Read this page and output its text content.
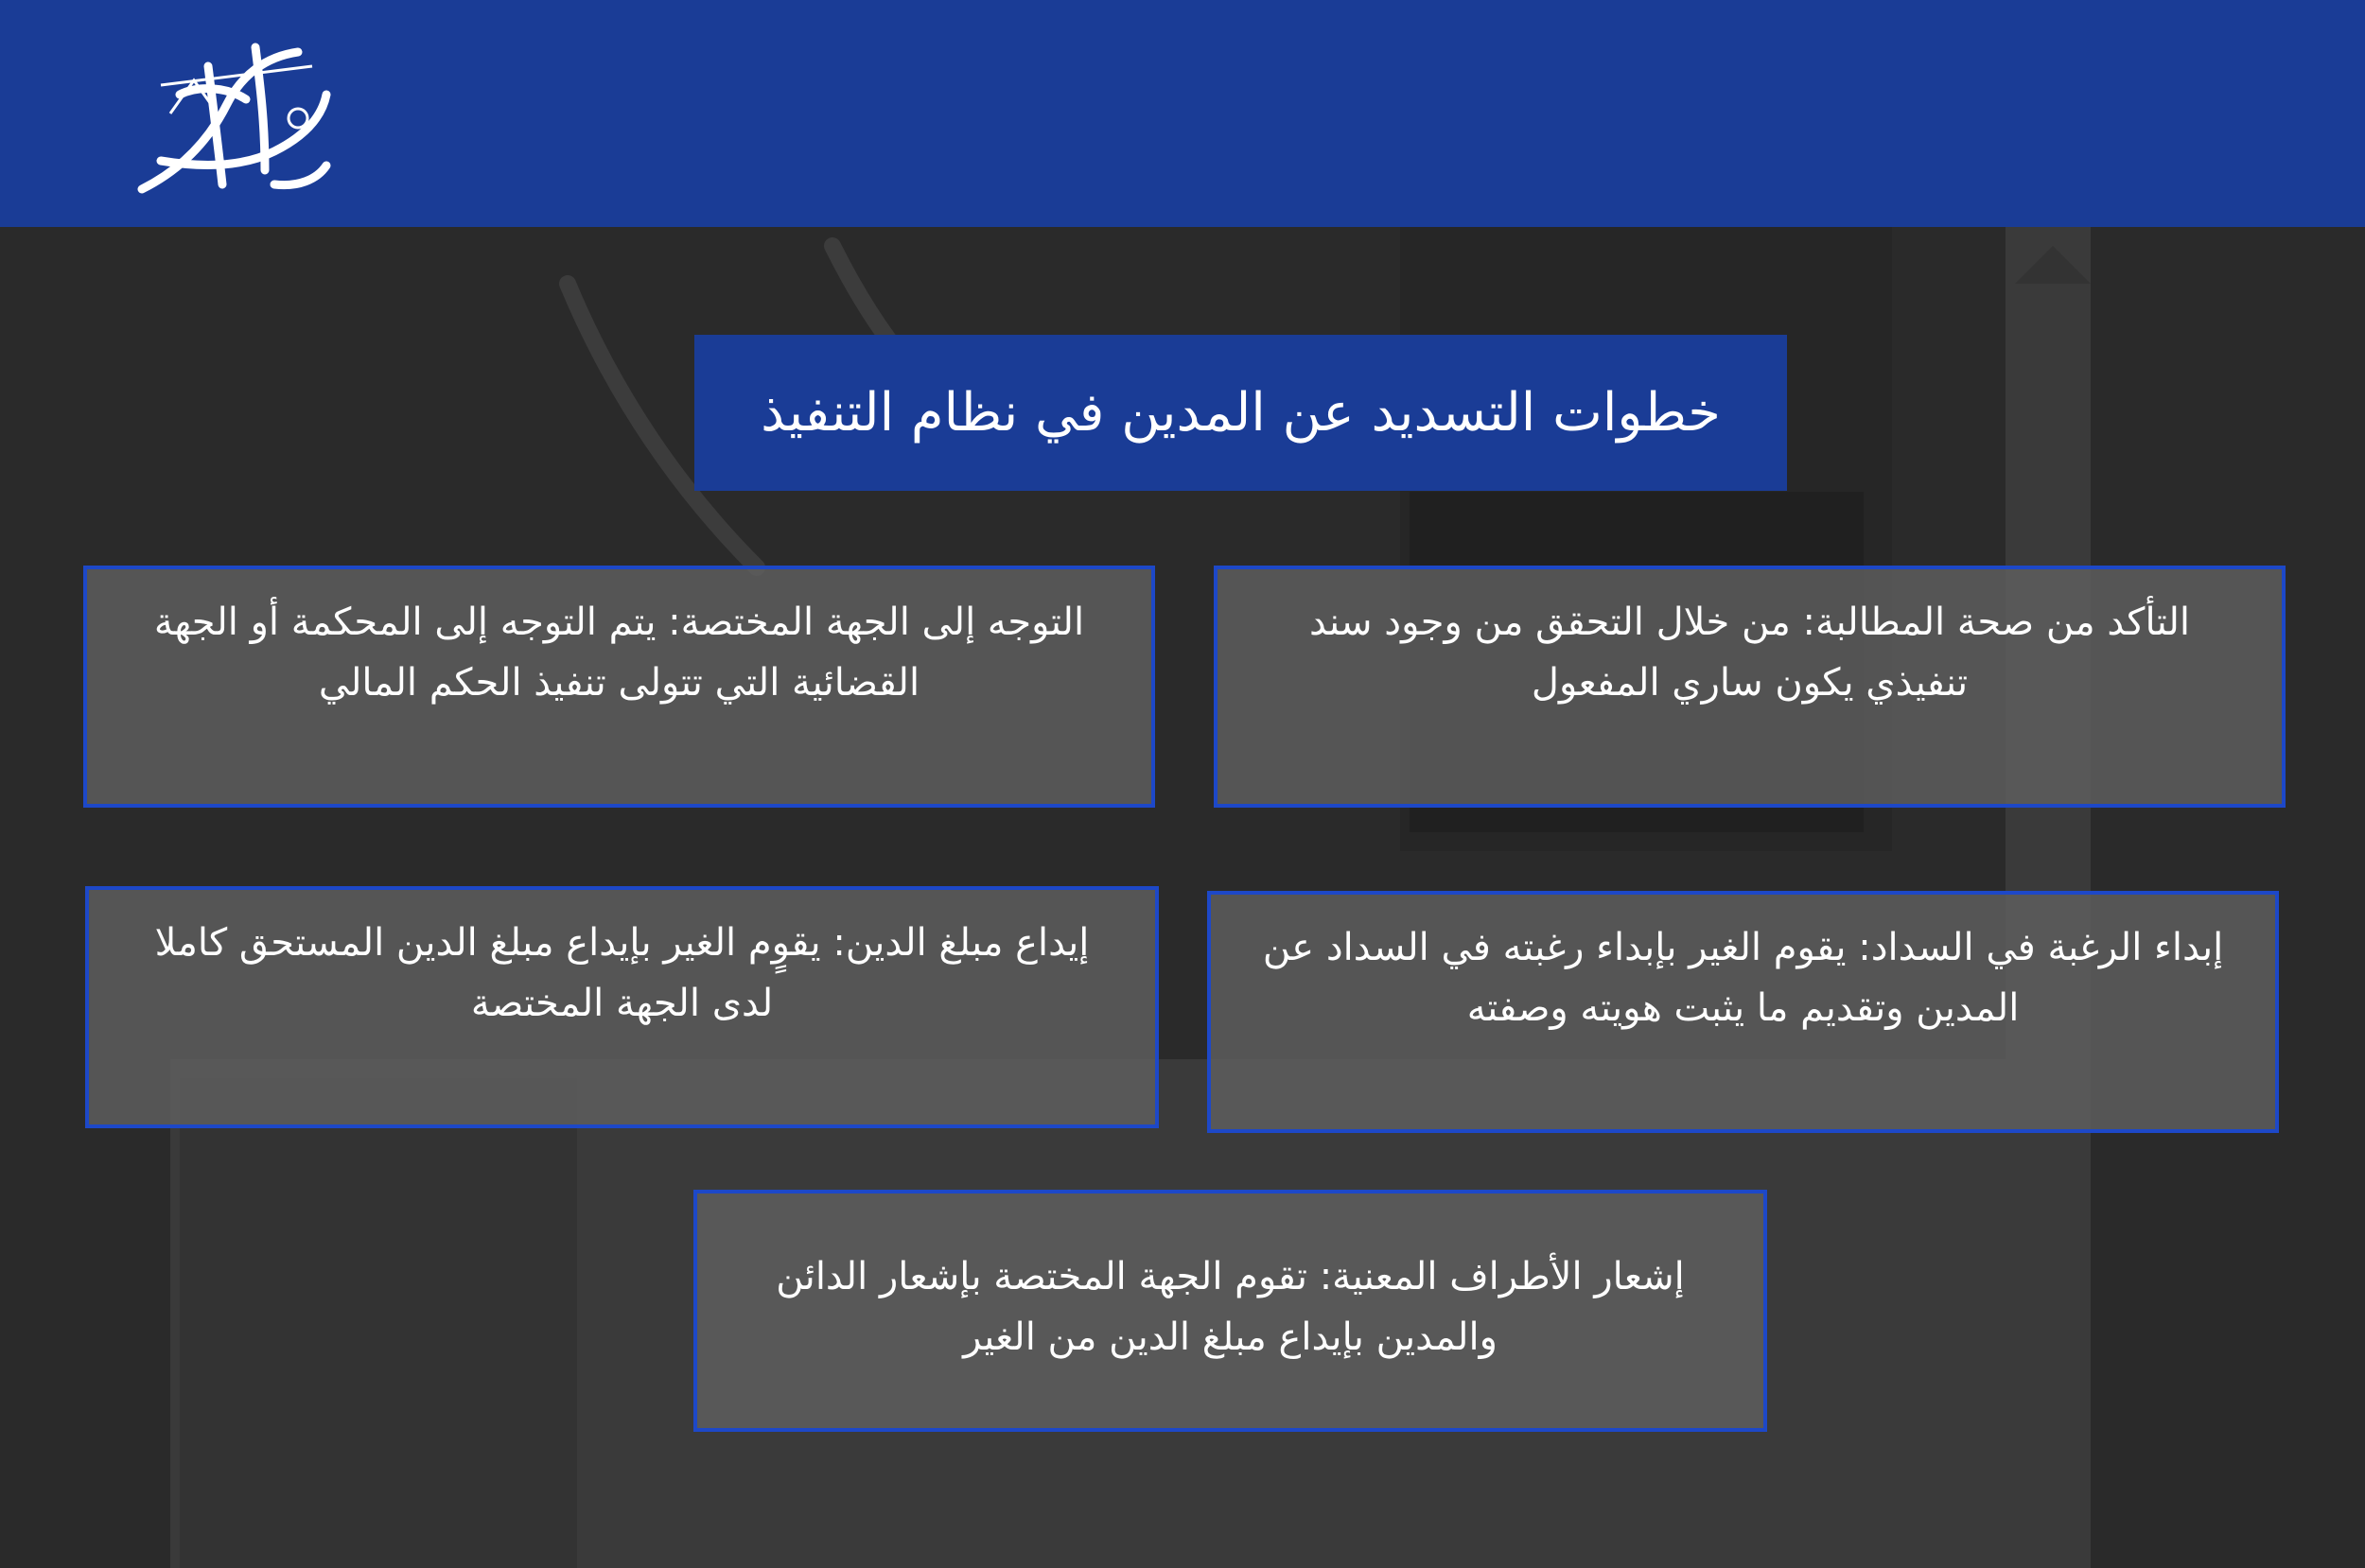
خطوات التسديد عن المدين في نظام التنفيذ
التأكد من صحة المطالبة: من خلال التحقق من وجود سند تنفيذي يكون ساري المفعول
التوجه إلى الجهة المختصة: يتم التوجه إلى المحكمة أو الجهة القضائية التي تتولى تنفيذ الحكم المالي
إبداء الرغبة في السداد: يقوم الغير بإبداء رغبته في السداد عن المدين وتقديم ما يثبت هويته وصفته
إيداع مبلغ الدين: يقوٍم الغير بإيداع مبلغ الدين المستحق كاملا لدى الجهة المختصة
إشعار الأطراف المعنية: تقوم الجهة المختصة بإشعار الدائن والمدين بإيداع مبلغ الدين من الغير
